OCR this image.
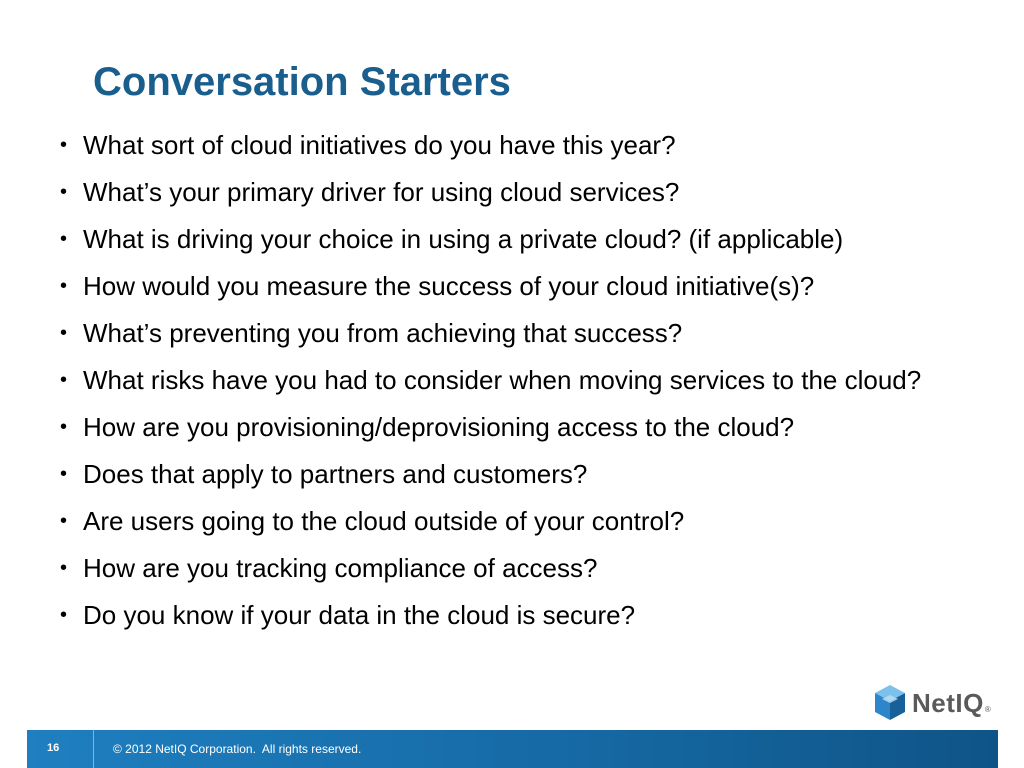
Conversation Starters
• What sort of cloud initiatives do you have this year?
• What’s your primary driver for using cloud services?
• What is driving your choice in using a private cloud? (if applicable)
• How would you measure the success of your cloud initiative(s)?
• What’s preventing you from achieving that success?
• What risks have you had to consider when moving services to the cloud?
• How are you provisioning/deprovisioning access to the cloud?
• Does that apply to partners and customers?
• Are users going to the cloud outside of your control?
• How are you tracking compliance of access?
• Do you know if your data in the cloud is secure?
NetIQ ®
16	© 2012 NetIQ Corporation.  All rights reserved.
